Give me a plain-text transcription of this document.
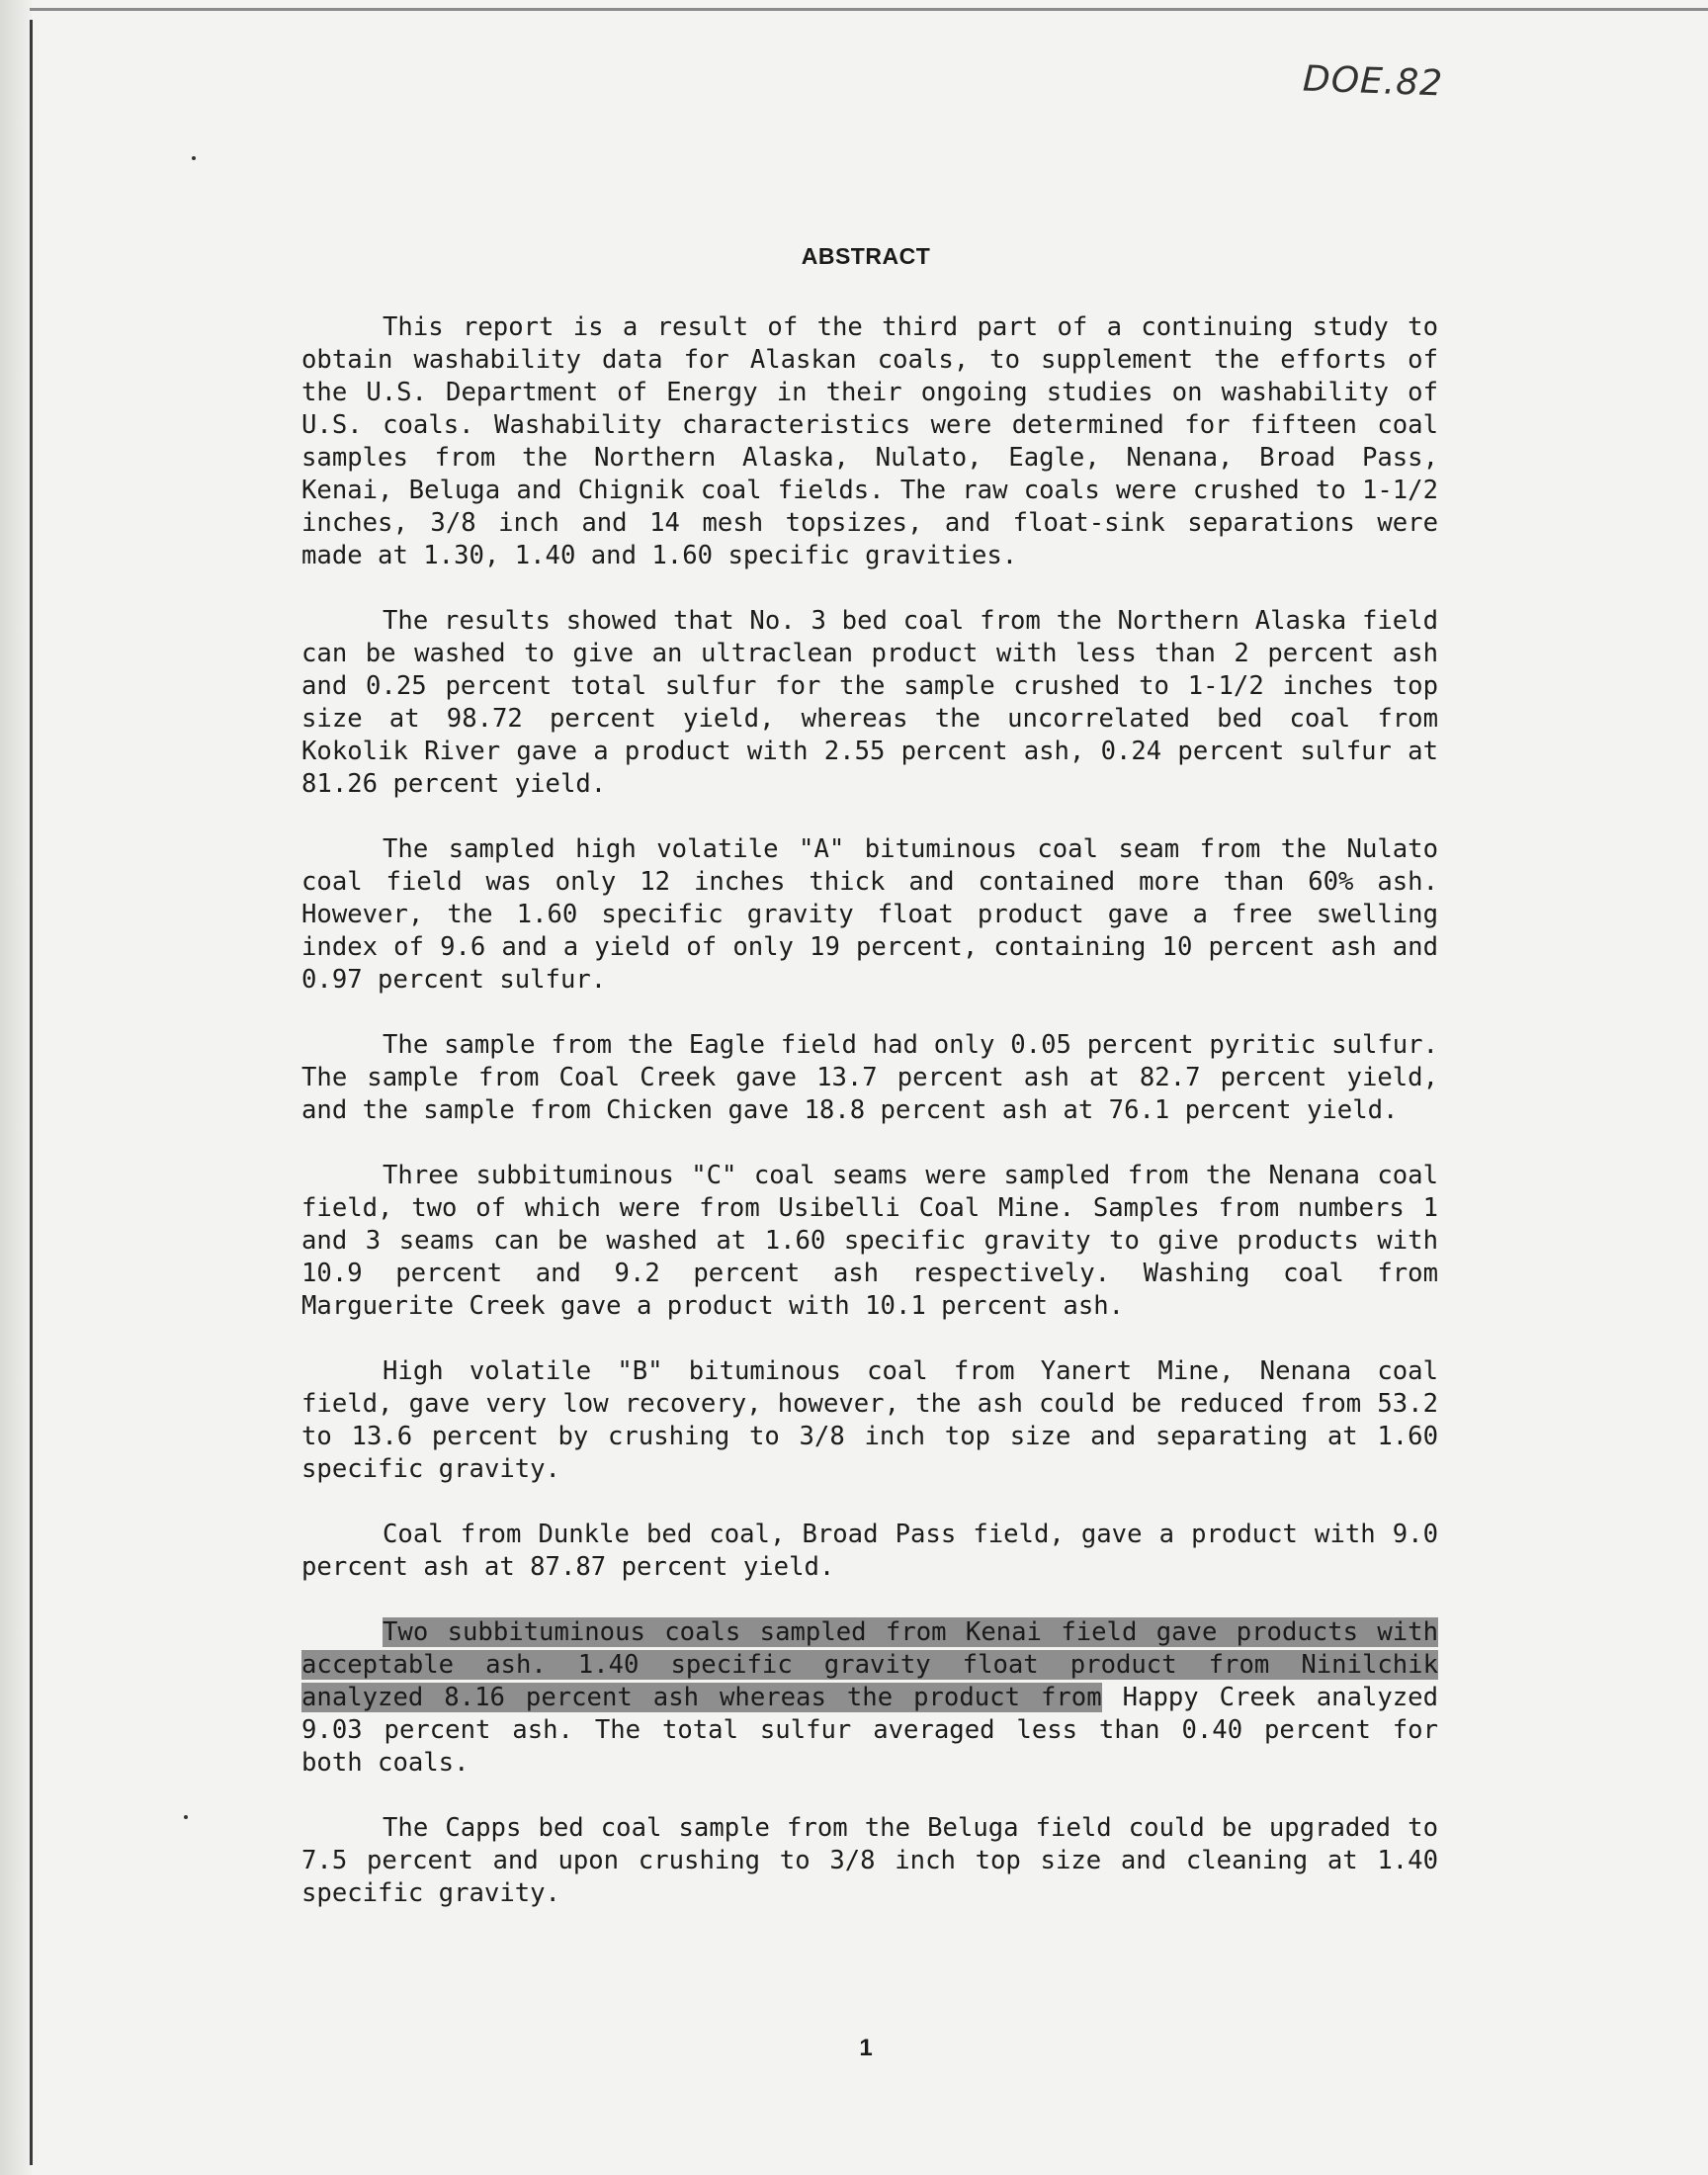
DOE.82
ABSTRACT

This report is a result of the third part of a continuing study to obtain washability data for Alaskan coals, to supplement the efforts of the U.S. Department of Energy in their ongoing studies on washability of U.S. coals. Washability characteristics were determined for fifteen coal samples from the Northern Alaska, Nulato, Eagle, Nenana, Broad Pass, Kenai, Beluga and Chignik coal fields. The raw coals were crushed to 1-1/2 inches, 3/8 inch and 14 mesh topsizes, and float-sink separations were made at 1.30, 1.40 and 1.60 specific gravities.

The results showed that No. 3 bed coal from the Northern Alaska field can be washed to give an ultraclean product with less than 2 percent ash and 0.25 percent total sulfur for the sample crushed to 1-1/2 inches top size at 98.72 percent yield, whereas the uncorrelated bed coal from Kokolik River gave a product with 2.55 percent ash, 0.24 percent sulfur at 81.26 percent yield.

The sampled high volatile "A" bituminous coal seam from the Nulato coal field was only 12 inches thick and contained more than 60% ash. However, the 1.60 specific gravity float product gave a free swelling index of 9.6 and a yield of only 19 percent, containing 10 percent ash and 0.97 percent sulfur.

The sample from the Eagle field had only 0.05 percent pyritic sulfur. The sample from Coal Creek gave 13.7 percent ash at 82.7 percent yield, and the sample from Chicken gave 18.8 percent ash at 76.1 percent yield.

Three subbituminous "C" coal seams were sampled from the Nenana coal field, two of which were from Usibelli Coal Mine. Samples from numbers 1 and 3 seams can be washed at 1.60 specific gravity to give products with 10.9 percent and 9.2 percent ash respectively. Washing coal from Marguerite Creek gave a product with 10.1 percent ash.

High volatile "B" bituminous coal from Yanert Mine, Nenana coal field, gave very low recovery, however, the ash could be reduced from 53.2 to 13.6 percent by crushing to 3/8 inch top size and separating at 1.60 specific gravity.

Coal from Dunkle bed coal, Broad Pass field, gave a product with 9.0 percent ash at 87.87 percent yield.

Two subbituminous coals sampled from Kenai field gave products with acceptable ash. 1.40 specific gravity float product from Ninilchik analyzed 8.16 percent ash whereas the product from Happy Creek analyzed 9.03 percent ash. The total sulfur averaged less than 0.40 percent for both coals.

The Capps bed coal sample from the Beluga field could be upgraded to 7.5 percent and upon crushing to 3/8 inch top size and cleaning at 1.40 specific gravity.

1
